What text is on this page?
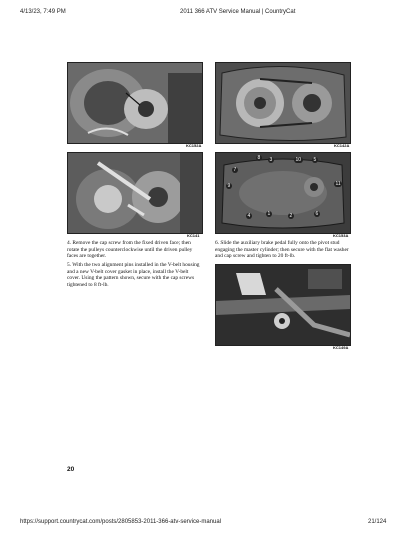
4/13/23, 7:49 PM	2011 366 ATV Service Manual | CountryCat
KC152A	KC142A
KC141
1	2
3
4
5
6
7
8
9
10
11
KC153A

4. Remove the cap screw from the fixed driven face; then rotate the pulleys counterclockwise until the driven pulley faces are together.

5. With the two alignment pins installed in the V-belt housing and a new V-belt cover gasket in place, install the V-belt cover. Using the pattern shown, secure with the cap screws tightened to 8 ft-lb.

6. Slide the auxiliary brake pedal fully onto the pivot stud engaging the master cylinder; then secure with the flat washer and cap screw and tighten to 20 ft-lb.

KC149A
20
https://support.countrycat.com/posts/2805853-2011-366-atv-service-manual	21/124
